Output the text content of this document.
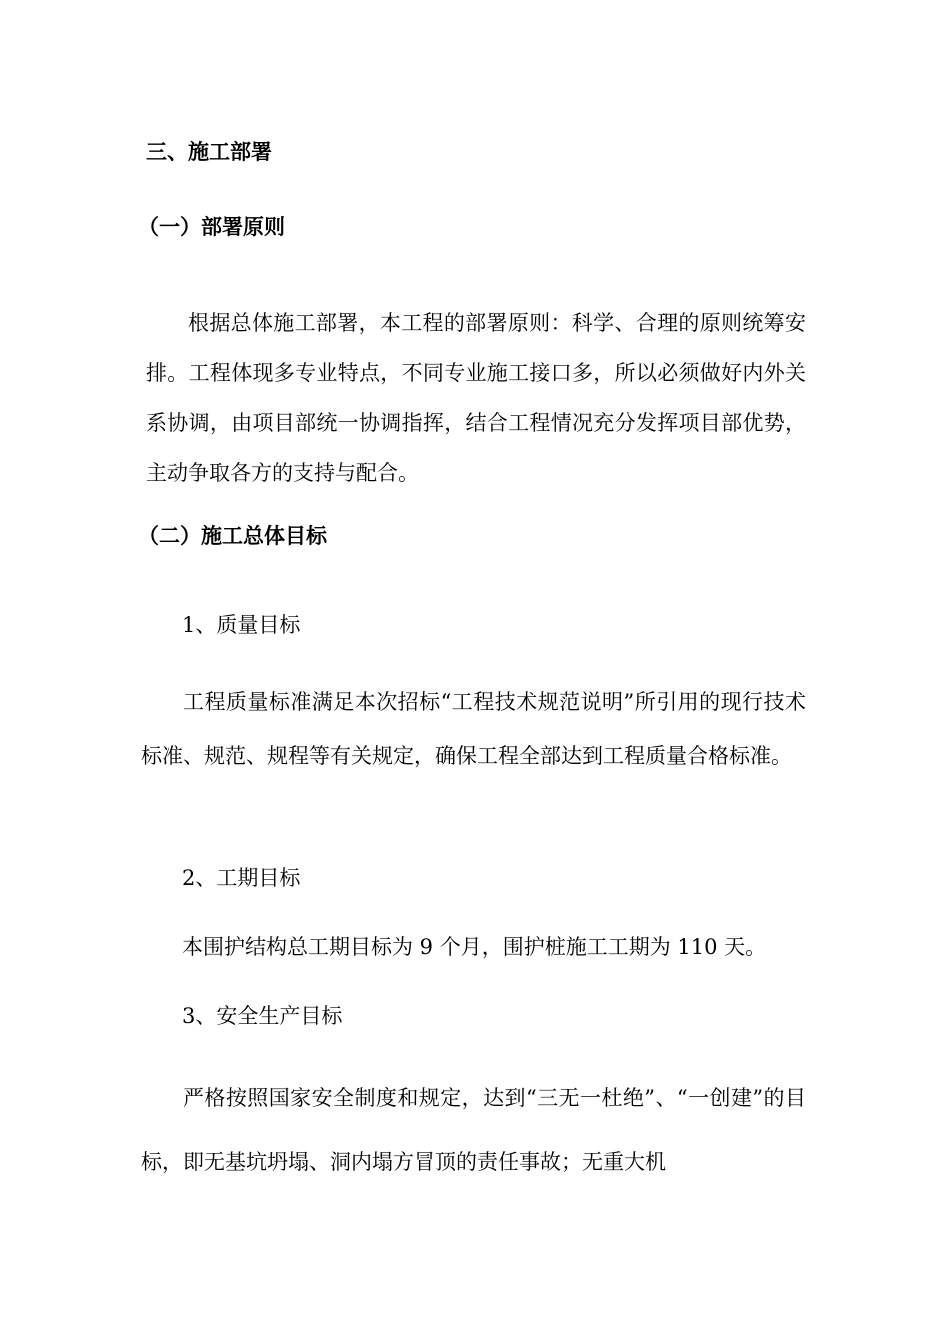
三、施工部署
（一）部署原则

根据总体施工部署，本工程的部署原则：科学、合理的原则统筹安排。工程体现多专业特点，不同专业施工接口多，所以必须做好内外关系协调，由项目部统一协调指挥，结合工程情况充分发挥项目部优势，主动争取各方的支持与配合。

（二）施工总体目标

1、质量目标

工程质量标准满足本次招标“工程技术规范说明”所引用的现行技术标准、规范、规程等有关规定，确保工程全部达到工程质量合格标准。

2、工期目标

本围护结构总工期目标为 9 个月，围护桩施工工期为 110 天。

3、安全生产目标

严格按照国家安全制度和规定，达到“三无一杜绝”、“一创建”的目标，即无基坑坍塌、洞内塌方冒顶的责任事故；无重大机
